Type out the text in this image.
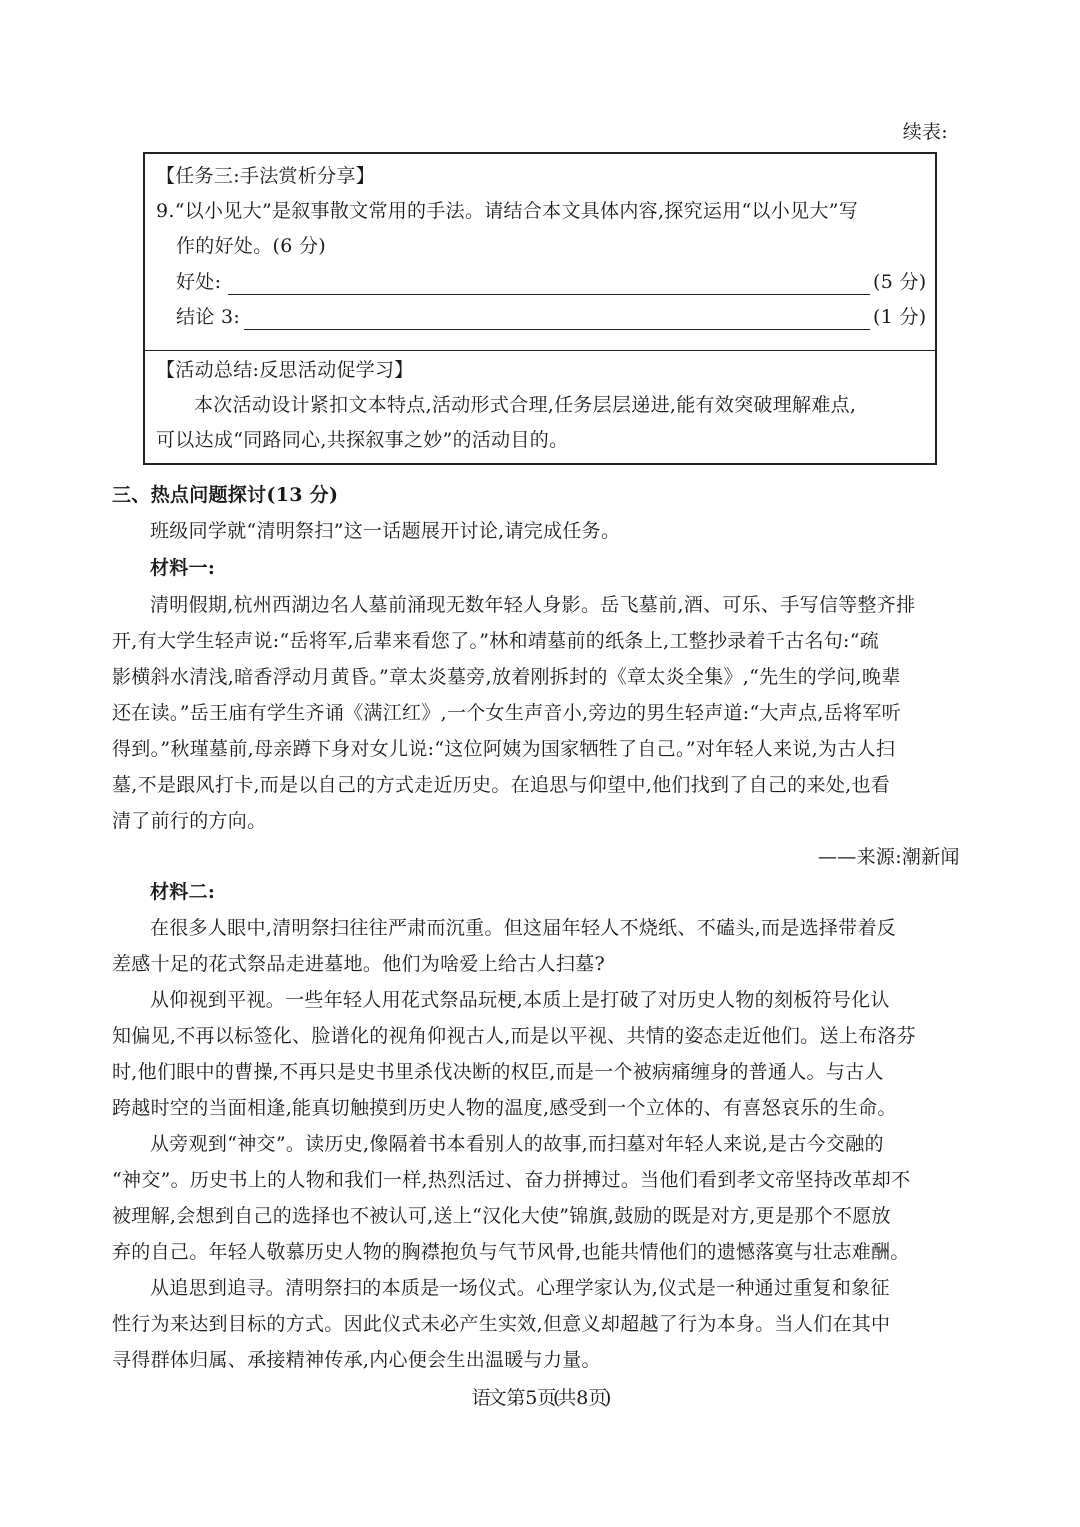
续表:
【任务三:手法赏析分享】
9.“以小见大”是叙事散文常用的手法。请结合本文具体内容,探究运用“以小见大”写
作的好处。(6 分)
好处:	(5 分)
结论 3:	(1 分)
【活动总结:反思活动促学习】
本次活动设计紧扣文本特点,活动形式合理,任务层层递进,能有效突破理解难点,
可以达成“同路同心,共探叙事之妙”的活动目的。
三、热点问题探讨(13 分)
班级同学就“清明祭扫”这一话题展开讨论,请完成任务。
材料一:
清明假期,杭州西湖边名人墓前涌现无数年轻人身影。岳飞墓前,酒、可乐、手写信等整齐排
开,有大学生轻声说:“岳将军,后辈来看您了。”林和靖墓前的纸条上,工整抄录着千古名句:“疏
影横斜水清浅,暗香浮动月黄昏。”章太炎墓旁,放着刚拆封的《章太炎全集》,“先生的学问,晚辈
还在读。”岳王庙有学生齐诵《满江红》,一个女生声音小,旁边的男生轻声道:“大声点,岳将军听
得到。”秋瑾墓前,母亲蹲下身对女儿说:“这位阿姨为国家牺牲了自己。”对年轻人来说,为古人扫
墓,不是跟风打卡,而是以自己的方式走近历史。在追思与仰望中,他们找到了自己的来处,也看
清了前行的方向。
——来源:潮新闻
材料二:
在很多人眼中,清明祭扫往往严肃而沉重。但这届年轻人不烧纸、不磕头,而是选择带着反
差感十足的花式祭品走进墓地。他们为啥爱上给古人扫墓?
从仰视到平视。一些年轻人用花式祭品玩梗,本质上是打破了对历史人物的刻板符号化认
知偏见,不再以标签化、脸谱化的视角仰视古人,而是以平视、共情的姿态走近他们。送上布洛芬
时,他们眼中的曹操,不再只是史书里杀伐决断的权臣,而是一个被病痛缠身的普通人。与古人
跨越时空的当面相逢,能真切触摸到历史人物的温度,感受到一个立体的、有喜怒哀乐的生命。
从旁观到“神交”。读历史,像隔着书本看别人的故事,而扫墓对年轻人来说,是古今交融的
“神交”。历史书上的人物和我们一样,热烈活过、奋力拼搏过。当他们看到孝文帝坚持改革却不
被理解,会想到自己的选择也不被认可,送上“汉化大使”锦旗,鼓励的既是对方,更是那个不愿放
弃的自己。年轻人敬慕历史人物的胸襟抱负与气节风骨,也能共情他们的遗憾落寞与壮志难酬。
从追思到追寻。清明祭扫的本质是一场仪式。心理学家认为,仪式是一种通过重复和象征
性行为来达到目标的方式。因此仪式未必产生实效,但意义却超越了行为本身。当人们在其中
寻得群体归属、承接精神传承,内心便会生出温暖与力量。
语文 第 5 页(共 8 页)
